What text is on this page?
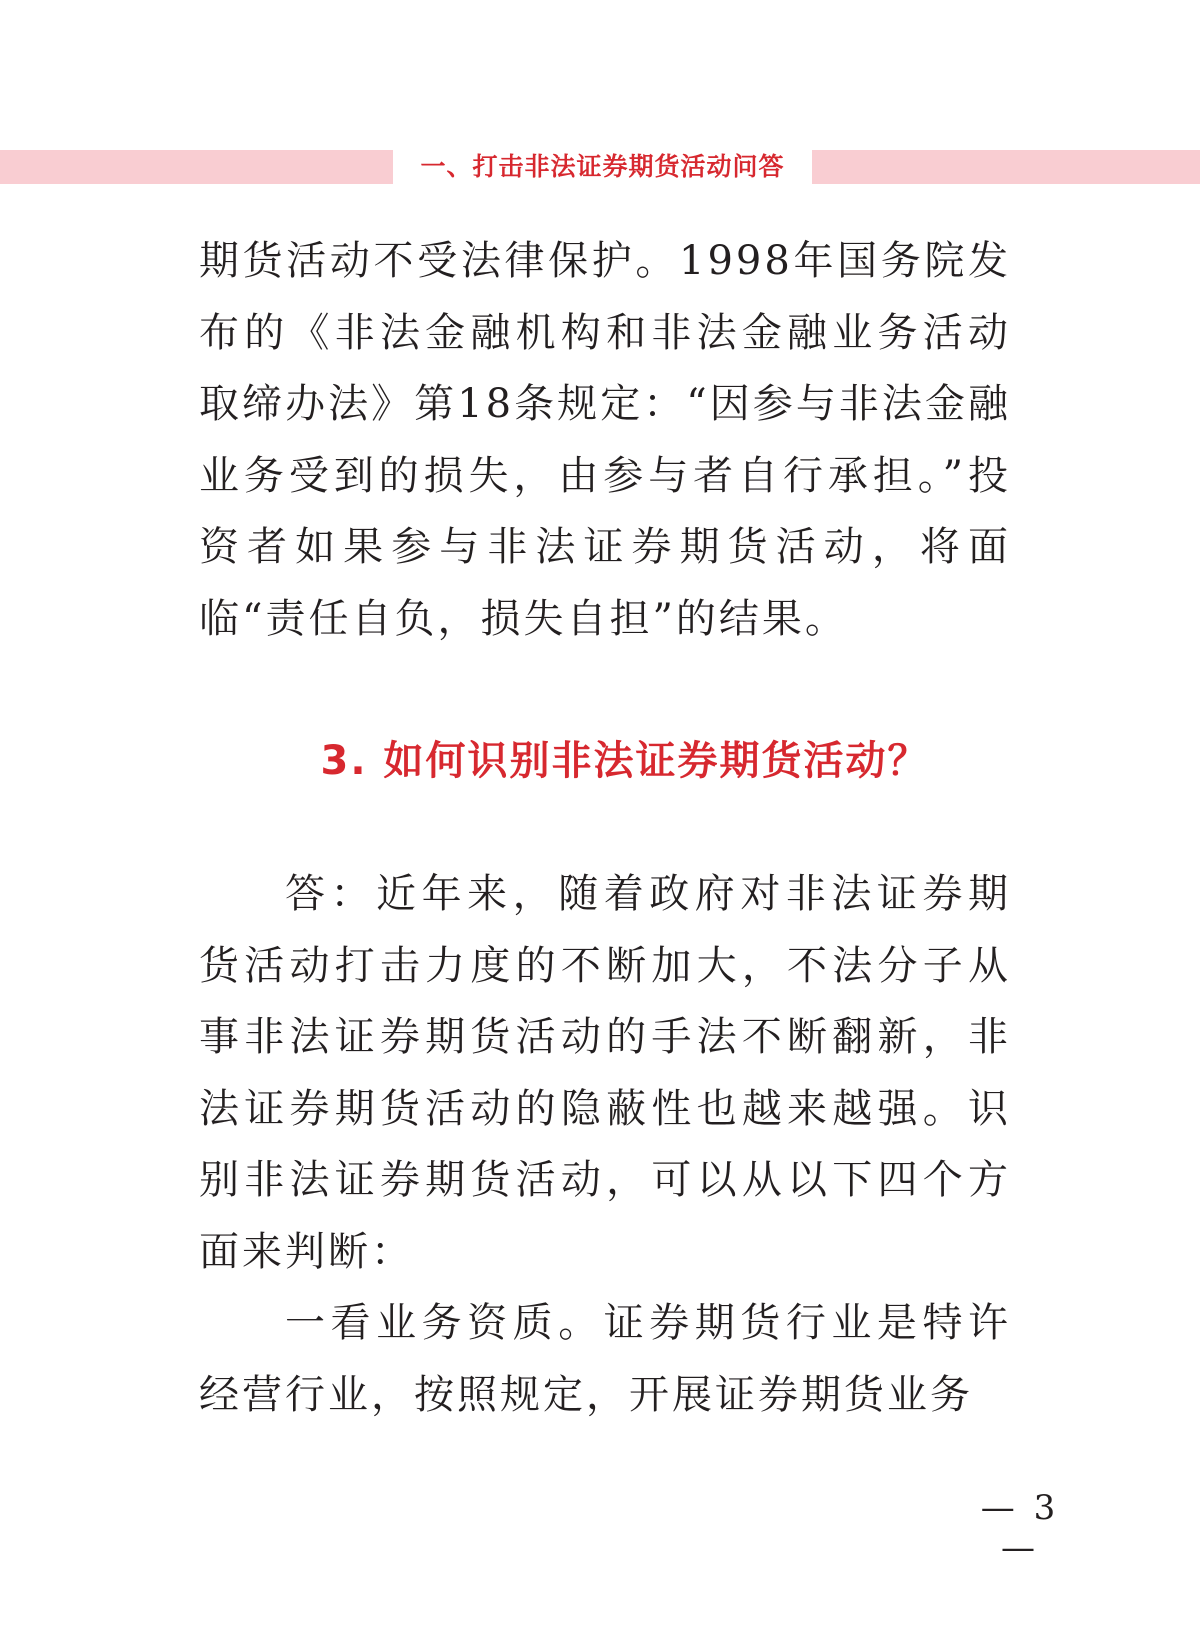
一、打击非法证券期货活动问答

期货活动不受法律保护。1998年国务院发布的《非法金融机构和非法金融业务活动取缔办法》第18条规定：“因参与非法金融业务受到的损失，由参与者自行承担。”投资者如果参与非法证券期货活动，将面临“责任自负，损失自担”的结果。

3. 如何识别非法证券期货活动？

答：近年来，随着政府对非法证券期货活动打击力度的不断加大，不法分子从事非法证券期货活动的手法不断翻新，非法证券期货活动的隐蔽性也越来越强。识别非法证券期货活动，可以从以下四个方面来判断：

一看业务资质。证券期货行业是特许经营行业，按照规定，开展证券期货业务

— 3 —
